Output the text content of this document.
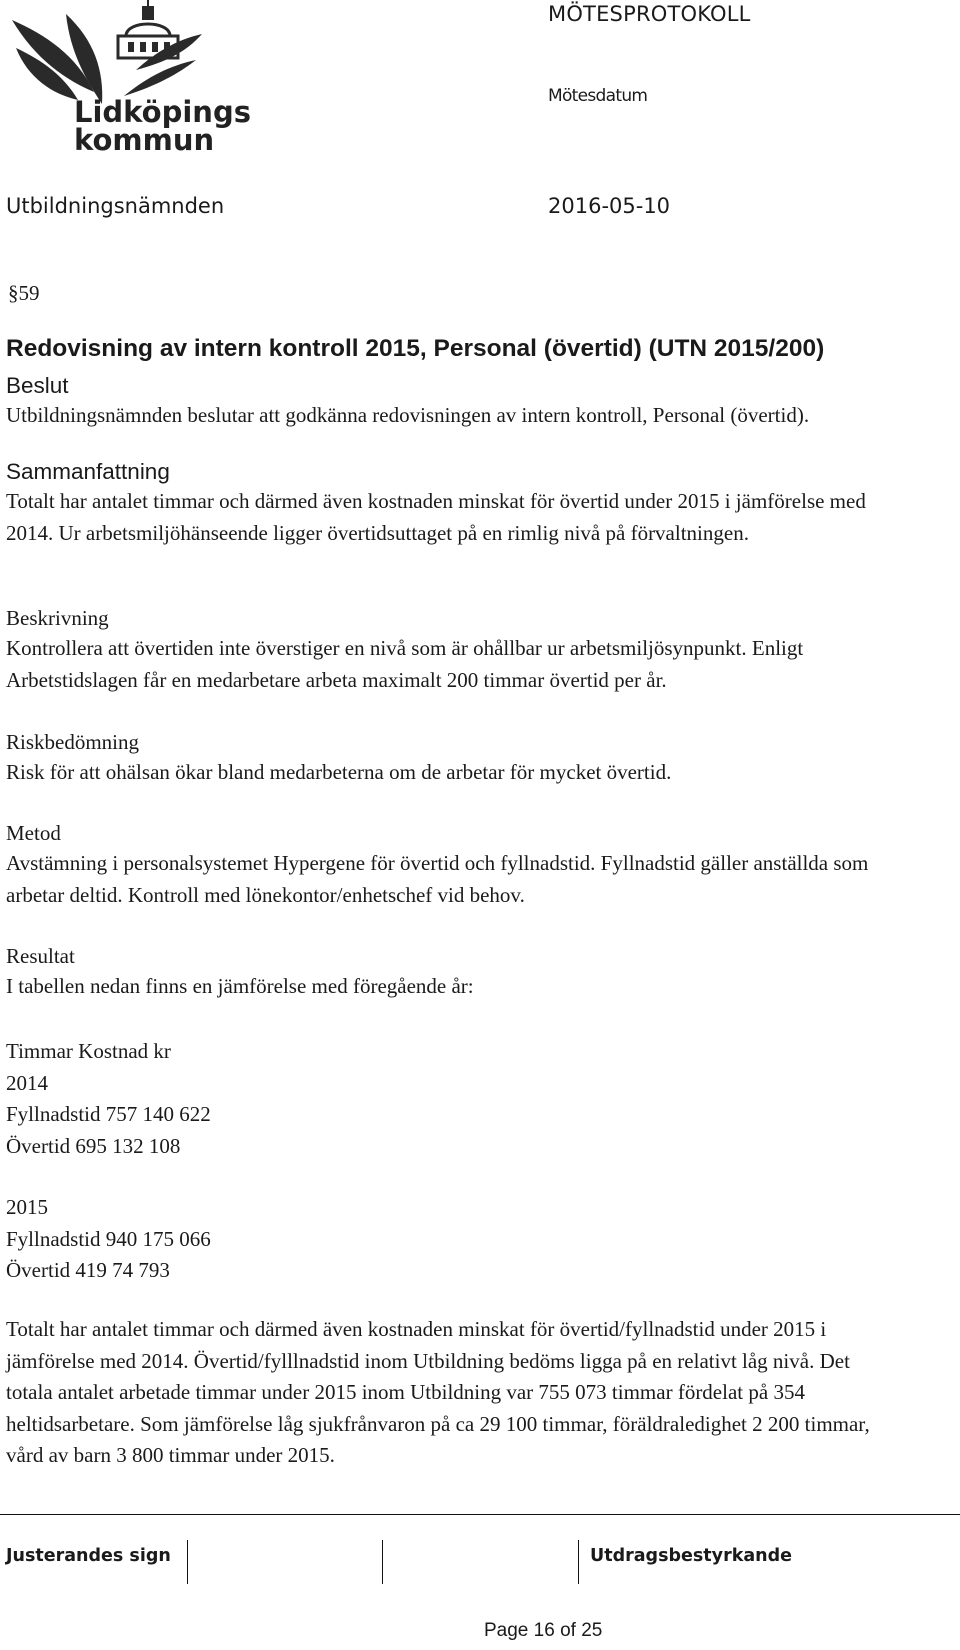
Lidköpings
kommun
MÖTESPROTOKOLL
Mötesdatum
Utbildningsnämnden	2016-05-10
§59
Redovisning av intern kontroll 2015, Personal (övertid) (UTN 2015/200)

Beslut

Utbildningsnämnden beslutar att godkänna redovisningen av intern kontroll, Personal (övertid).

Sammanfattning

Totalt har antalet timmar och därmed även kostnaden minskat för övertid under 2015 i jämförelse med

2014. Ur arbetsmiljöhänseende ligger övertidsuttaget på en rimlig nivå på förvaltningen.

Beskrivning

Kontrollera att övertiden inte överstiger en nivå som är ohållbar ur arbetsmiljösynpunkt. Enligt

Arbetstidslagen får en medarbetare arbeta maximalt 200 timmar övertid per år.

Riskbedömning

Risk för att ohälsan ökar bland medarbeterna om de arbetar för mycket övertid.

Metod

Avstämning i personalsystemet Hypergene för övertid och fyllnadstid. Fyllnadstid gäller anställda som

arbetar deltid. Kontroll med lönekontor/enhetschef vid behov.

Resultat

I tabellen nedan finns en jämförelse med föregående år:

Timmar Kostnad kr

2014

Fyllnadstid 757 140 622

Övertid 695 132 108

2015

Fyllnadstid 940 175 066

Övertid 419 74 793

Totalt har antalet timmar och därmed även kostnaden minskat för övertid/fyllnadstid under 2015 i

jämförelse med 2014. Övertid/fylllnadstid inom Utbildning bedöms ligga på en relativt låg nivå. Det

totala antalet arbetade timmar under 2015 inom Utbildning var 755 073 timmar fördelat på 354

heltidsarbetare. Som jämförelse låg sjukfrånvaron på ca 29 100 timmar, föräldraledighet 2 200 timmar,

vård av barn 3 800 timmar under 2015.

Justerandes sign	Utdragsbestyrkande
Page 16 of 25
